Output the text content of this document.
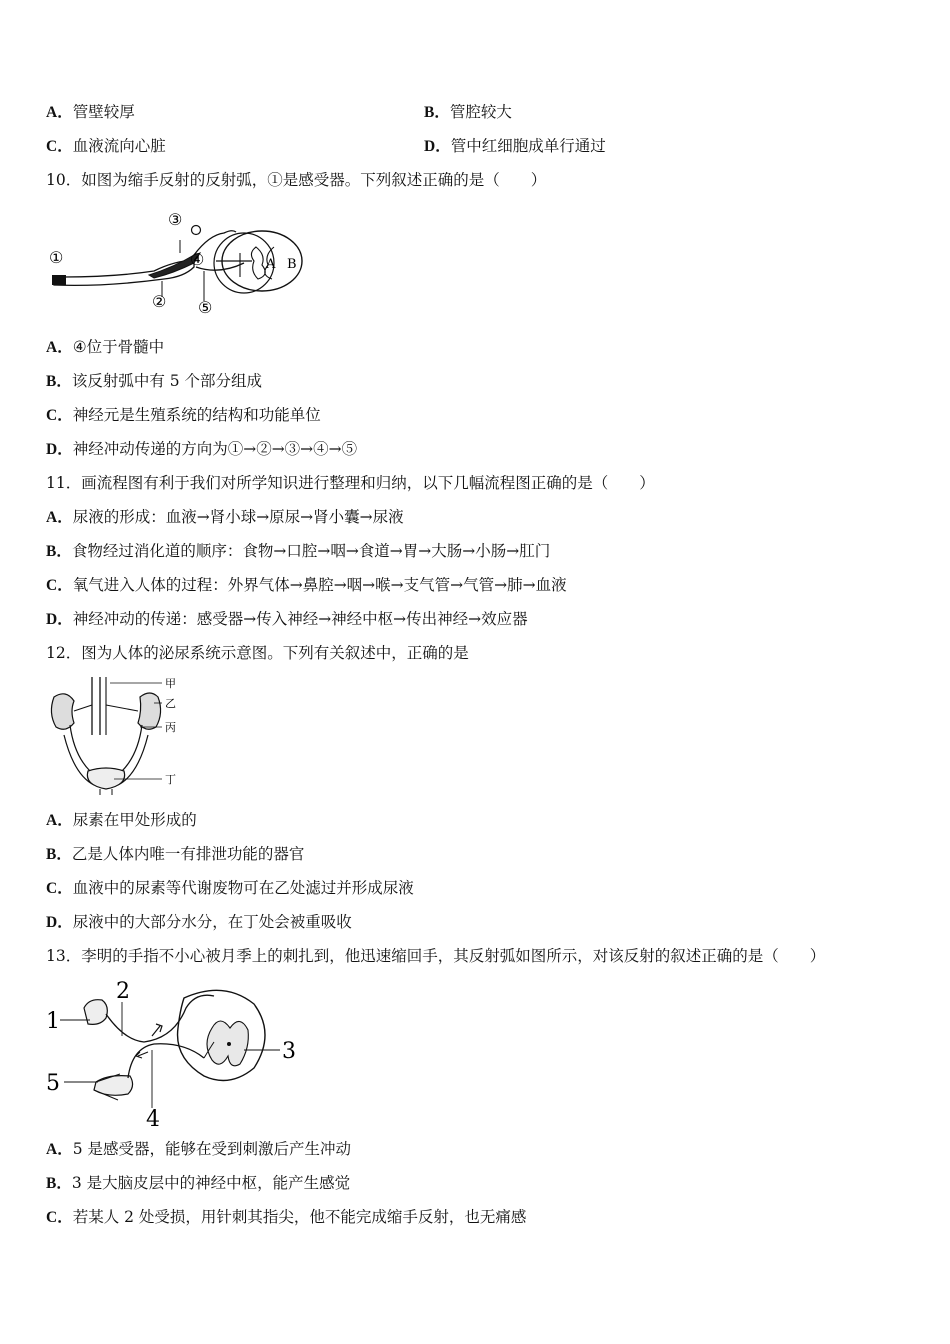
A．管壁较厚	B．管腔较大
C．血液流向心脏	D．管中红细胞成单行通过
10．如图为缩手反射的反射弧，①是感受器。下列叙述正确的是（　　）
①
②
③
④
⑤
A B
A．④位于骨髓中
B．该反射弧中有 5 个部分组成
C．神经元是生殖系统的结构和功能单位
D．神经冲动传递的方向为①→②→③→④→⑤
11．画流程图有利于我们对所学知识进行整理和归纳，以下几幅流程图正确的是（　　）
A．尿液的形成：血液→肾小球→原尿→肾小囊→尿液
B．食物经过消化道的顺序：食物→口腔→咽→食道→胃→大肠→小肠→肛门
C．氧气进入人体的过程：外界气体→鼻腔→咽→喉→支气管→气管→肺→血液
D．神经冲动的传递：感受器→传入神经→神经中枢→传出神经→效应器
12．图为人体的泌尿系统示意图。下列有关叙述中，正确的是
甲
乙
丙
丁
A．尿素在甲处形成的
B．乙是人体内唯一有排泄功能的器官
C．血液中的尿素等代谢废物可在乙处滤过并形成尿液
D．尿液中的大部分水分，在丁处会被重吸收
13．李明的手指不小心被月季上的刺扎到，他迅速缩回手，其反射弧如图所示，对该反射的叙述正确的是（　　）
1
2
3
4
5
A．5 是感受器，能够在受到刺激后产生冲动
B．3 是大脑皮层中的神经中枢，能产生感觉
C．若某人 2 处受损，用针刺其指尖，他不能完成缩手反射，也无痛感
